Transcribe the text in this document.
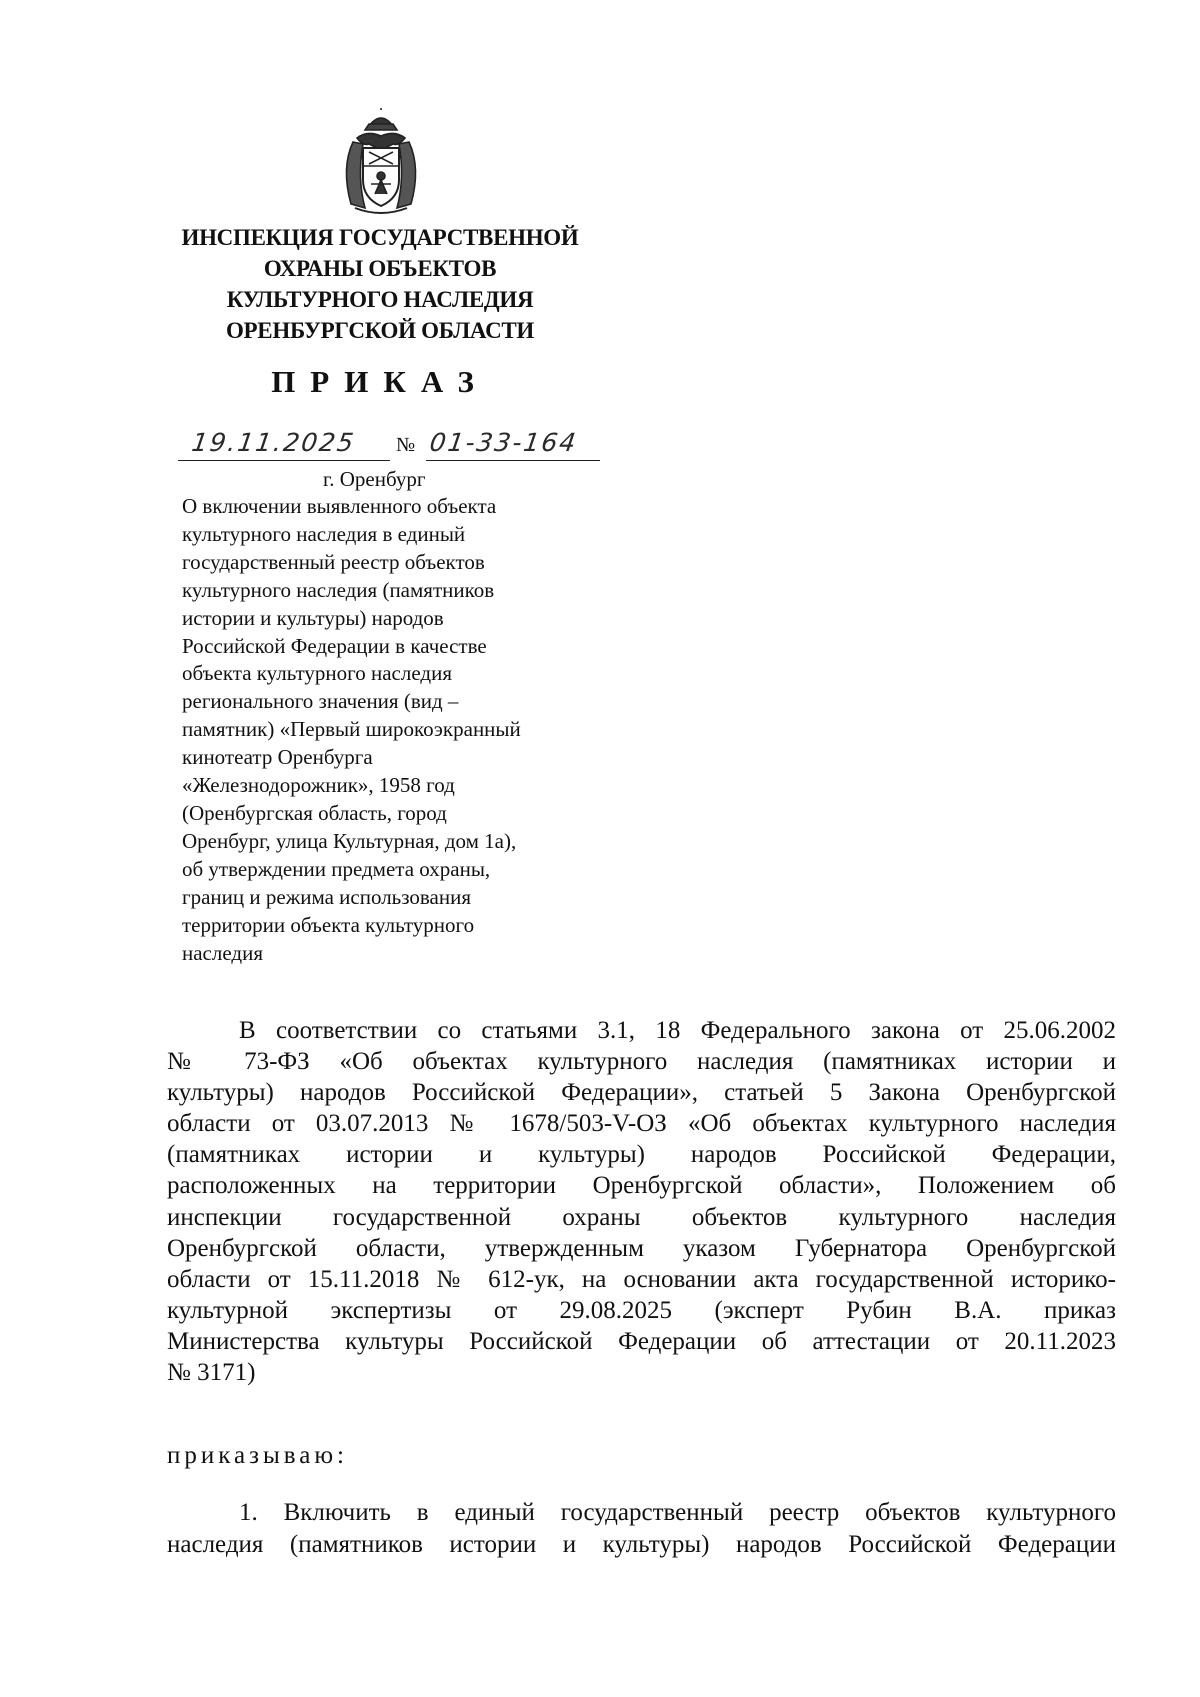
ИНСПЕКЦИЯ ГОСУДАРСТВЕННОЙ
ОХРАНЫ ОБЪЕКТОВ
КУЛЬТУРНОГО НАСЛЕДИЯ
ОРЕНБУРГСКОЙ ОБЛАСТИ
ПРИКАЗ
19.11.2025 № 01-33-164
г. Оренбург
О включении выявленного объекта
культурного наследия в единый
государственный реестр объектов
культурного наследия (памятников
истории и культуры) народов
Российской Федерации в качестве
объекта культурного наследия
регионального значения (вид –
памятник) «Первый широкоэкранный
кинотеатр Оренбурга
«Железнодорожник», 1958 год
(Оренбургская область, город
Оренбург, улица Культурная, дом 1а),
об утверждении предмета охраны,
границ и режима использования
территории объекта культурного
наследия
В соответствии со статьями 3.1, 18 Федерального закона от 25.06.2002
№ 73-ФЗ «Об объектах культурного наследия (памятниках истории и
культуры) народов Российской Федерации», статьей 5 Закона Оренбургской
области от 03.07.2013 № 1678/503-V-ОЗ «Об объектах культурного наследия
(памятниках истории и культуры) народов Российской Федерации,
расположенных на территории Оренбургской области», Положением об
инспекции государственной охраны объектов культурного наследия
Оренбургской области, утвержденным указом Губернатора Оренбургской
области от 15.11.2018 № 612-ук, на основании акта государственной историко-
культурной экспертизы от 29.08.2025 (эксперт Рубин В.А. приказ
Министерства культуры Российской Федерации об аттестации от 20.11.2023
№ 3171)
приказываю:
1. Включить в единый государственный реестр объектов культурного
наследия (памятников истории и культуры) народов Российской Федерации
